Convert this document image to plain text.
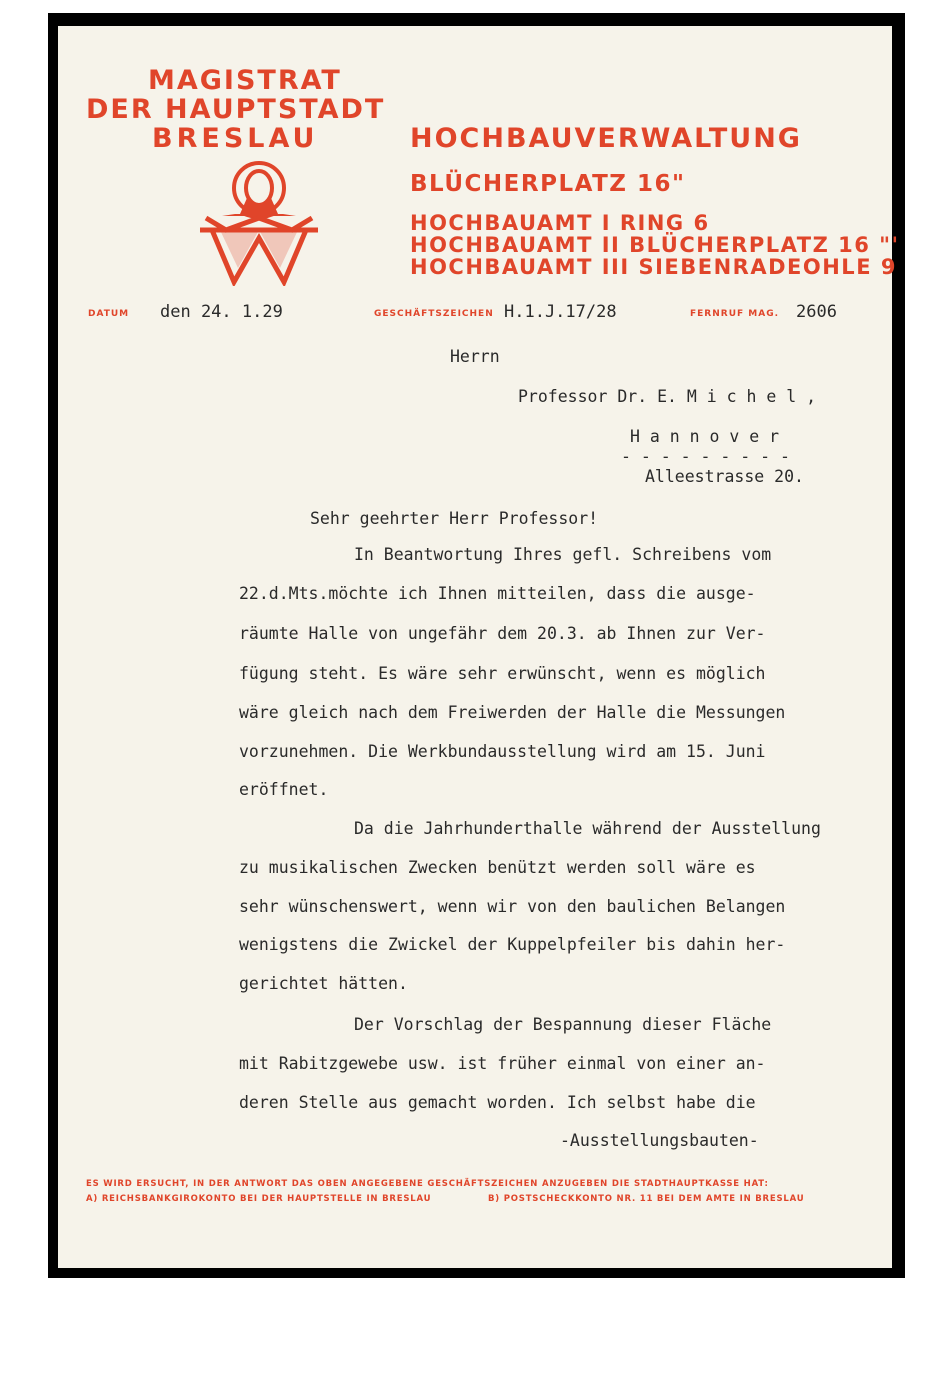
MAGISTRAT
DER HAUPTSTADT
BRESLAU	HOCHBAUVERWALTUNG
BLÜCHERPLATZ 16"
HOCHBAUAMT I RING 6
HOCHBAUAMT II BLÜCHERPLATZ 16 "'
HOCHBAUAMT III SIEBENRADEOHLE 9
DATUM den 24. 1.29	GESCHÄFTSZEICHEN H.1.J.17/28	FERNRUF MAG. 2606
Herrn
Professor Dr. E. M i c h e l ,
H a n n o v e r
- - - - - - - - -
Alleestrasse 20.
Sehr geehrter Herr Professor!
In Beantwortung Ihres gefl. Schreibens vom
22.d.Mts.möchte ich Ihnen mitteilen, dass die ausge-
räumte Halle von ungefähr dem 20.3. ab Ihnen zur Ver-
fügung steht. Es wäre sehr erwünscht, wenn es möglich
wäre gleich nach dem Freiwerden der Halle die Messungen
vorzunehmen. Die Werkbundausstellung wird am 15. Juni
eröffnet.
Da die Jahrhunderthalle während der Ausstellung
zu musikalischen Zwecken benützt werden soll wäre es
sehr wünschenswert, wenn wir von den baulichen Belangen
wenigstens die Zwickel der Kuppelpfeiler bis dahin her-
gerichtet hätten.
Der Vorschlag der Bespannung dieser Fläche
mit Rabitzgewebe usw. ist früher einmal von einer an-
deren Stelle aus gemacht worden. Ich selbst habe die
-Ausstellungsbauten-
ES WIRD ERSUCHT, IN DER ANTWORT DAS OBEN ANGEGEBENE GESCHÄFTSZEICHEN ANZUGEBEN DIE STADTHAUPTKASSE HAT:
A) REICHSBANKGIROKONTO BEI DER HAUPTSTELLE IN BRESLAU	B) POSTSCHECKKONTO NR. 11 BEI DEM AMTE IN BRESLAU
